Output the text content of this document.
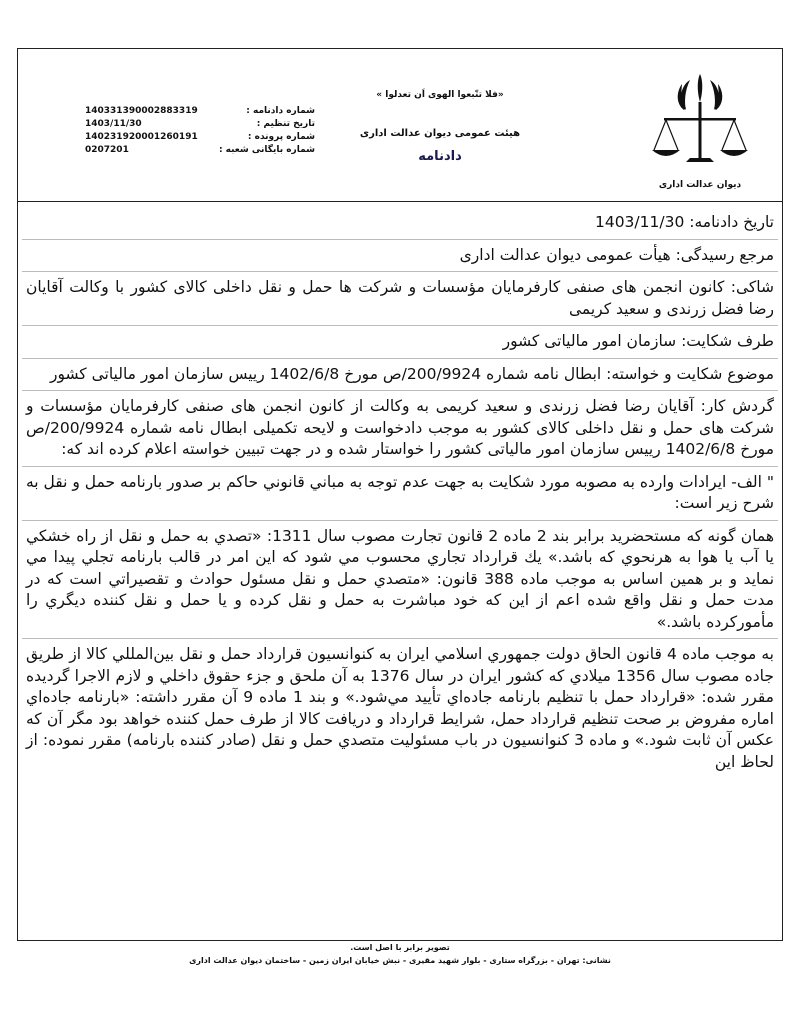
دیوان عدالت اداری
«فلا تتّبعوا الهوی اَن تعدلوا »
هیئت عمومی دیوان عدالت اداری
دادنامه
شماره دادنامه :
140331390002883319
تاریخ تنظیم :
1403/11/30
شماره پرونده :
140231920001260191
شماره بایگانی شعبه :
0207201
تاریخ دادنامه: 1403/11/30
مرجع رسیدگی: هیأت عمومی دیوان عدالت اداری
شاکی: کانون انجمن های صنفی کارفرمایان مؤسسات و شرکت ها حمل و نقل داخلی کالای کشور با وکالت آقایان رضا فضل زرندی و سعید کریمی
طرف شکایت: سازمان امور مالیاتی کشور
موضوع شکایت و خواسته: ابطال نامه شماره 200/9924/ص مورخ 1402/6/8 رییس سازمان امور مالیاتی کشور
گردش کار: آقایان رضا فضل زرندی و سعید کریمی به وکالت از کانون انجمن های صنفی کارفرمایان مؤسسات و شرکت های حمل و نقل داخلی کالای کشور به موجب دادخواست و لایحه تکمیلی ابطال نامه شماره 200/9924/ص مورخ 1402/6/8 رییس سازمان امور مالیاتی کشور را خواستار شده و در جهت تبیین خواسته اعلام کرده اند که:
" الف- ایرادات وارده به مصوبه مورد شکایت به جهت عدم توجه به مباني قانوني حاکم بر صدور بارنامه حمل و نقل به شرح زیر است:
همان گونه که مستحضرید برابر بند 2 ماده 2 قانون تجارت مصوب سال 1311: «تصدي به حمل و نقل از راه خشکي یا آب یا هوا به هرنحوي که باشد.» یك قرارداد تجاري محسوب مي شود که این امر در قالب بارنامه تجلي پیدا مي نماید و بر همین اساس به موجب ماده 388 قانون: «متصدي حمل و نقل مسئول حوادث و تقصیراتي است که در مدت حمل و نقل واقع شده اعم از این که خود مباشرت به حمل و نقل کرده و یا حمل و نقل کننده دیگري را مأمورکرده باشد.»
به موجب ماده 4 قانون الحاق دولت جمهوري اسلامي ایران به کنوانسیون قرارداد حمل و نقل بین‌المللي کالا از طریق جاده مصوب سال 1356 میلادي که کشور ایران در سال 1376 به آن ملحق و جزء حقوق داخلي و لازم الاجرا گردیده مقرر شده: «قرارداد حمل با تنظیم بارنامه جاده‌اي تأیید مي‌شود.» و بند 1 ماده 9 آن مقرر داشته: «بارنامه جاده‌اي اماره مفروض بر صحت تنظیم قرارداد حمل، شرایط قرارداد و دریافت کالا از طرف حمل کننده خواهد بود مگر آن که عکس آن ثابت شود.» و ماده 3 کنوانسیون در باب مسئولیت متصدي حمل و نقل (صادر کننده بارنامه) مقرر نموده: از لحاظ این
تصویر برابر با اصل است.
نشانی: تهران - بزرگراه ستاری - بلوار شهید مقیری - نبش خیابان ایران زمین - ساختمان دیوان عدالت اداری
